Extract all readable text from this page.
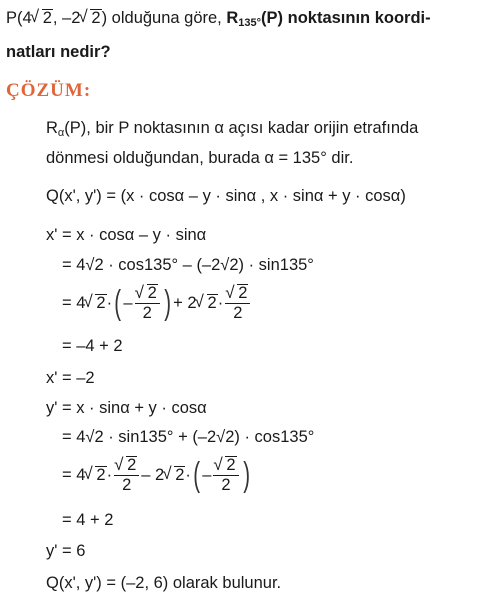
P(4 √ 2, –2 √ 2) olduğuna göre, $R_{135^\circ}(P)$ noktasının koordi-
natları nedir?
ÇÖZÜM:
$R_\alpha(P)$, bir P noktasının α açısı kadar orijin etrafında
dönmesi olduğundan, burada α = 135° dir.
Q(x', y') = (x · cosα – y · sinα , x · sinα + y · cosα)
x' = x · cosα – y · sinα
= 4√2 · cos135° – (–2√2) · sin135°
= 4 √ 2 · ( – √ $\frac{2}{2}$ ) + 2 √ 2 · √ $\frac{2}{2}$
= –4 + 2
x' = –2
y' = x · sinα + y · cosα
= 4√2 · sin135° + (–2√2) · cos135°
= 4 √ 2 · √ $\frac{2}{2} - 2$ √ 2 · ( – √ $\frac{2}{2}$ )
= 4 + 2
y' = 6
Q(x', y') = (–2, 6) olarak bulunur.
